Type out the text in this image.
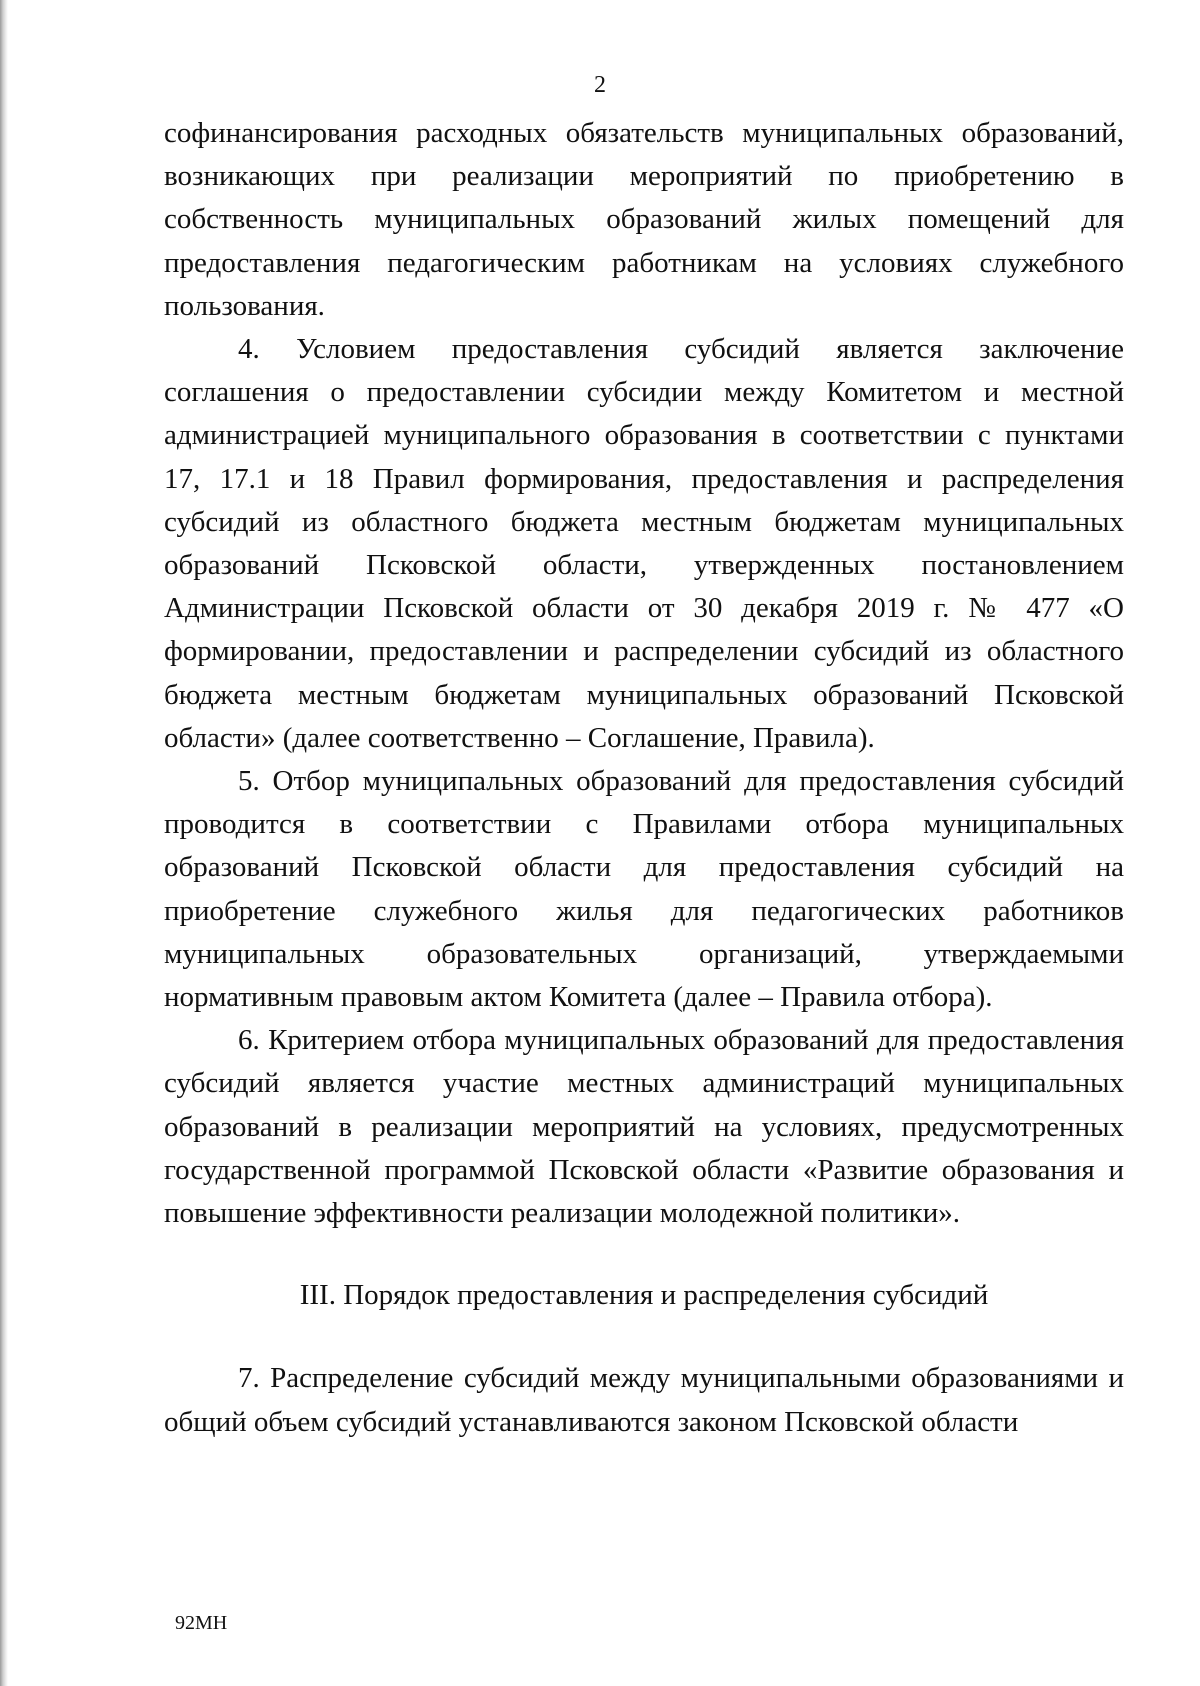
2

софинансирования расходных обязательств муниципальных образований, возникающих при реализации мероприятий по приобретению в собственность муниципальных образований жилых помещений для предоставления педагогическим работникам на условиях служебного пользования.

4. Условием предоставления субсидий является заключение соглашения о предоставлении субсидии между Комитетом и местной администрацией муниципального образования в соответствии с пунктами 17, 17.1 и 18 Правил формирования, предоставления и распределения субсидий из областного бюджета местным бюджетам муниципальных образований Псковской области, утвержденных постановлением Администрации Псковской области от 30 декабря 2019 г. № 477 «О формировании, предоставлении и распределении субсидий из областного бюджета местным бюджетам муниципальных образований Псковской области» (далее соответственно – Соглашение, Правила).

5. Отбор муниципальных образований для предоставления субсидий проводится в соответствии с Правилами отбора муниципальных образований Псковской области для предоставления субсидий на приобретение служебного жилья для педагогических работников муниципальных образовательных организаций, утверждаемыми нормативным правовым актом Комитета (далее – Правила отбора).

6. Критерием отбора муниципальных образований для предоставления субсидий является участие местных администраций муниципальных образований в реализации мероприятий на условиях, предусмотренных государственной программой Псковской области «Развитие образования и повышение эффективности реализации молодежной политики».

III. Порядок предоставления и распределения субсидий

7. Распределение субсидий между муниципальными образованиями и общий объем субсидий устанавливаются законом Псковской области

92МН
